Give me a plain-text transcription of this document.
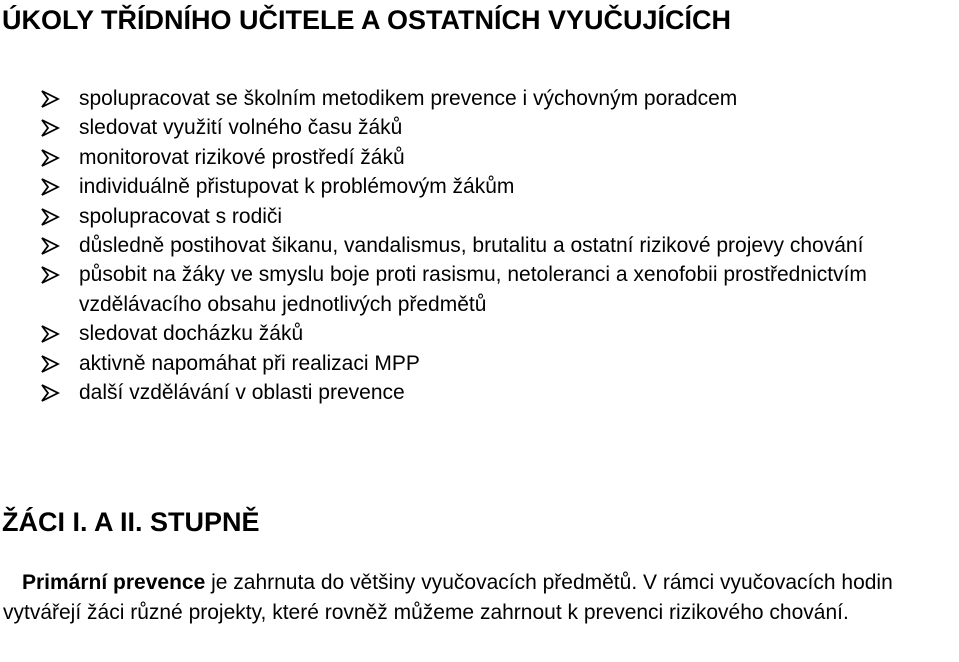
ÚKOLY TŘÍDNÍHO UČITELE A OSTATNÍCH VYUČUJÍCÍCH
spolupracovat se školním metodikem prevence i výchovným poradcem
sledovat využití volného času žáků
monitorovat rizikové prostředí žáků
individuálně přistupovat k problémovým žákům
spolupracovat s rodiči
důsledně postihovat šikanu, vandalismus, brutalitu a ostatní rizikové projevy chování
působit na žáky ve smyslu boje proti rasismu, netoleranci a xenofobii prostřednictvím vzdělávacího obsahu jednotlivých předmětů
sledovat docházku žáků
aktivně napomáhat při realizaci MPP
další vzdělávání v oblasti prevence
ŽÁCI I. A II. STUPNĚ

Primární prevence je zahrnuta do většiny vyučovacích předmětů. V rámci vyučovacích hodin vytvářejí žáci různé projekty, které rovněž můžeme zahrnout k prevenci rizikového chování.
